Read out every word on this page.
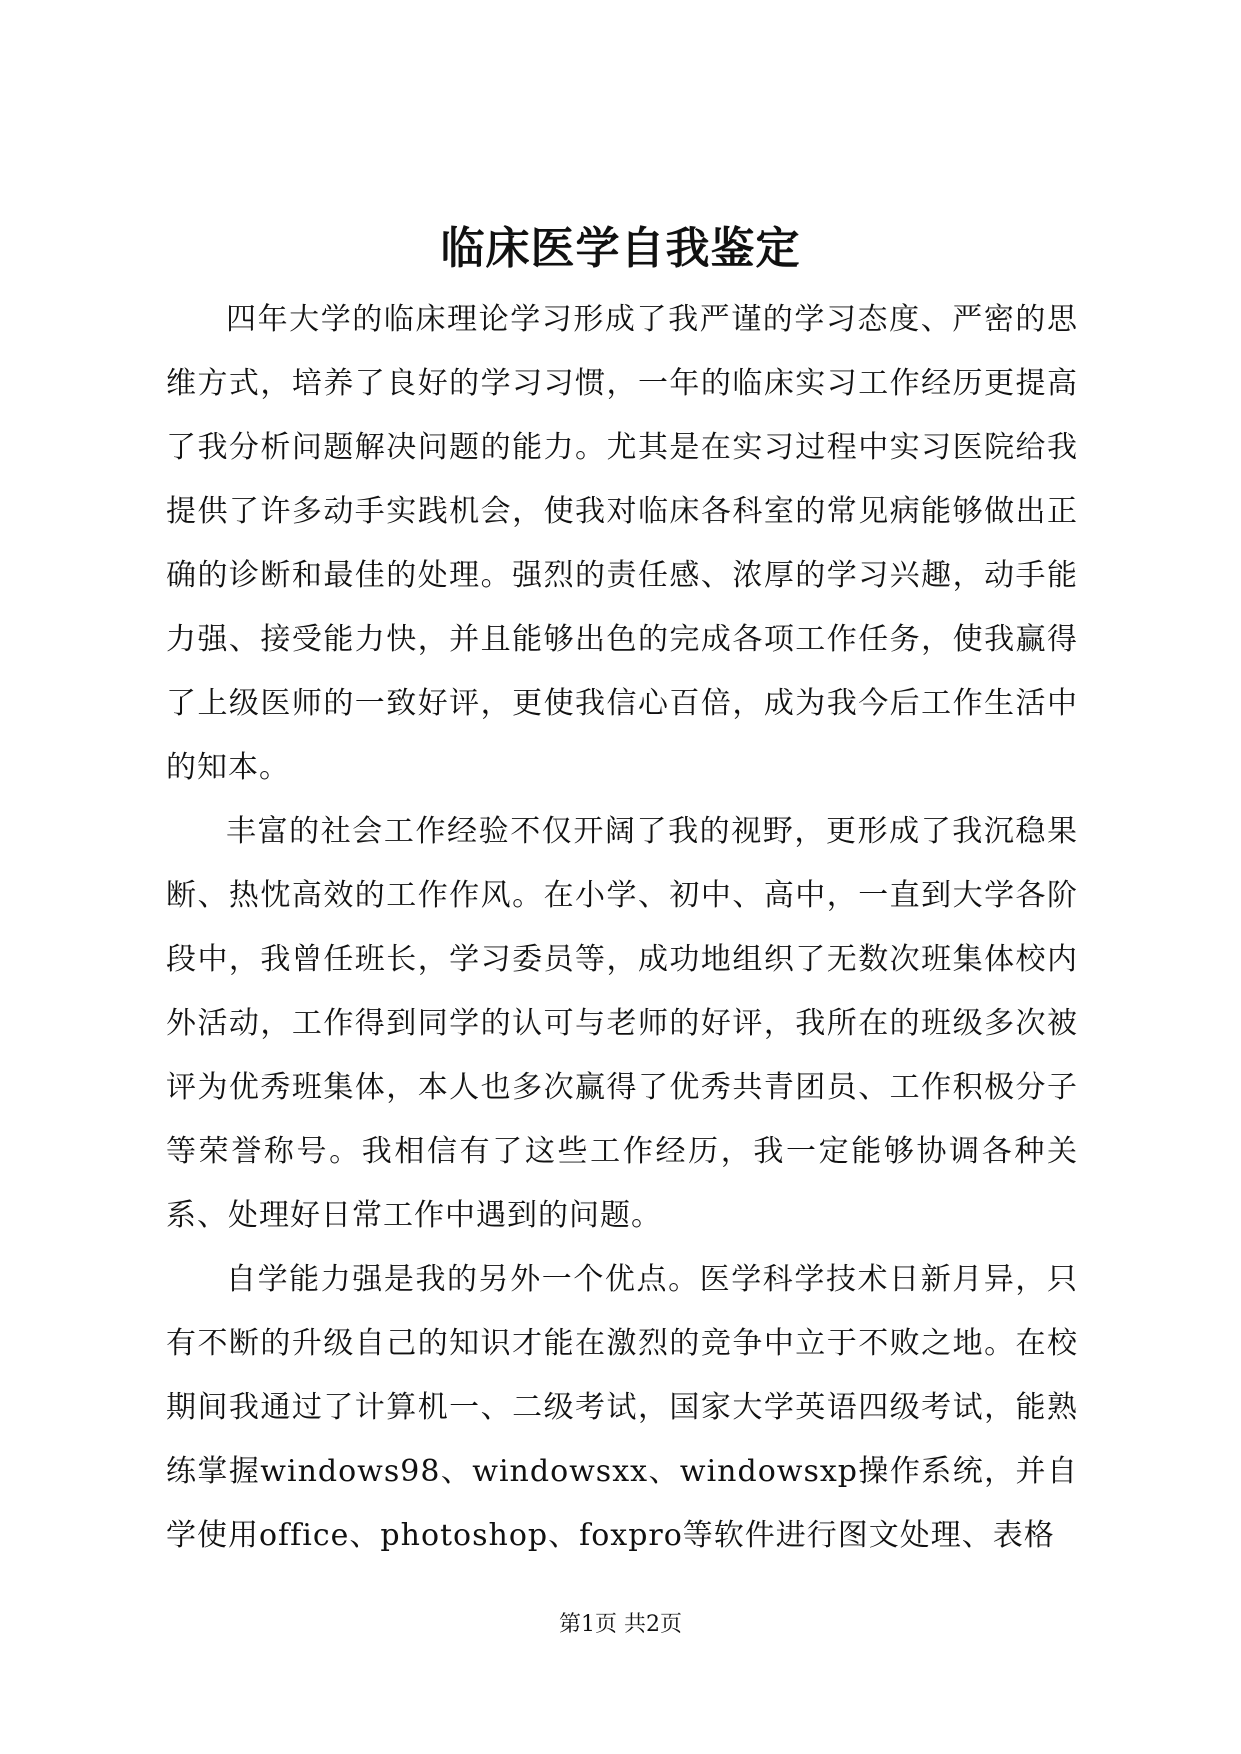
临床医学自我鉴定

四年大学的临床理论学习形成了我严谨的学习态度、严密的思维方式，培养了良好的学习习惯，一年的临床实习工作经历更提高了我分析问题解决问题的能力。尤其是在实习过程中实习医院给我提供了许多动手实践机会，使我对临床各科室的常见病能够做出正确的诊断和最佳的处理。强烈的责任感、浓厚的学习兴趣，动手能力强、接受能力快，并且能够出色的完成各项工作任务，使我赢得了上级医师的一致好评，更使我信心百倍，成为我今后工作生活中的知本。

丰富的社会工作经验不仅开阔了我的视野，更形成了我沉稳果断、热忱高效的工作作风。在小学、初中、高中，一直到大学各阶段中，我曾任班长，学习委员等，成功地组织了无数次班集体校内外活动，工作得到同学的认可与老师的好评，我所在的班级多次被评为优秀班集体，本人也多次赢得了优秀共青团员、工作积极分子等荣誉称号。我相信有了这些工作经历，我一定能够协调各种关系、处理好日常工作中遇到的问题。

自学能力强是我的另外一个优点。医学科学技术日新月异，只有不断的升级自己的知识才能在激烈的竞争中立于不败之地。在校期间我通过了计算机一、二级考试，国家大学英语四级考试，能熟练掌握windows98、windowsxx、windowsxp操作系统，并自学使用office、photoshop、foxpro等软件进行图文处理、表格

第1页 共2页
